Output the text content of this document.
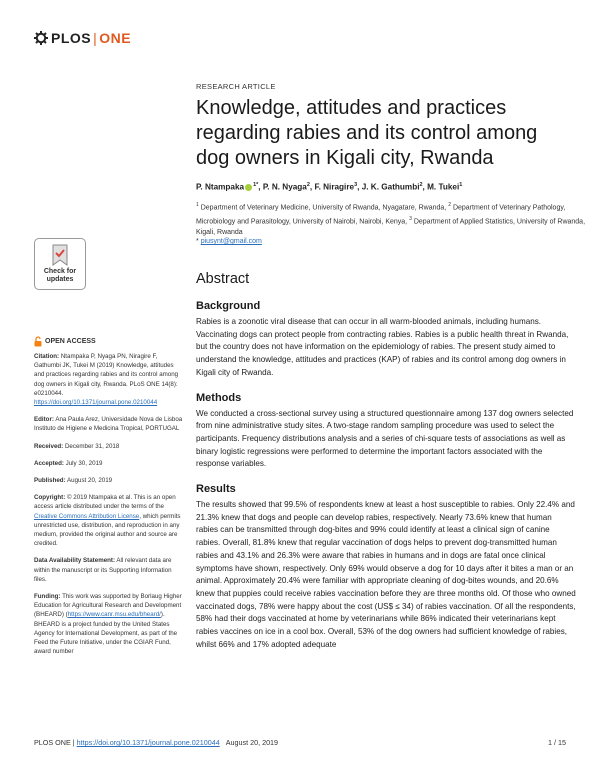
PLOS | ONE
RESEARCH ARTICLE
Knowledge, attitudes and practices regarding rabies and its control among dog owners in Kigali city, Rwanda
P. Ntampaka $^{1*}$, P. N. Nyaga$^2$, F. Niragire$^3$, J. K. Gathumbi$^2$, M. Tukei$^1$
$^1$ Department of Veterinary Medicine, University of Rwanda, Nyagatare, Rwanda, $^2$ Department of Veterinary Pathology, Microbiology and Parasitology, University of Nairobi, Nairobi, Kenya, $^3$ Department of Applied Statistics, University of Rwanda, Kigali, Rwanda
* piusynt@gmail.com
Check for
updates
OPEN ACCESS
Citation: Ntampaka P, Nyaga PN, Niragire F, Gathumbi JK, Tukei M (2019) Knowledge, attitudes and practices regarding rabies and its control among dog owners in Kigali city, Rwanda. PLoS ONE 14(8): e0210044. https://doi.org/10.1371/journal.pone.0210044
Editor: Ana Paula Arez, Universidade Nova de Lisboa Instituto de Higiene e Medicina Tropical, PORTUGAL
Received: December 31, 2018
Accepted: July 30, 2019
Published: August 20, 2019
Copyright: © 2019 Ntampaka et al. This is an open access article distributed under the terms of the Creative Commons Attribution License, which permits unrestricted use, distribution, and reproduction in any medium, provided the original author and source are credited.
Data Availability Statement: All relevant data are within the manuscript or its Supporting Information files.
Funding: This work was supported by Borlaug Higher Education for Agricultural Research and Development (BHEARD) (https://www.canr.msu.edu/bheard/). BHEARD is a project funded by the United States Agency for International Development, as part of the Feed the Future Initiative, under the CGIAR Fund, award number
Abstract
Background

Rabies is a zoonotic viral disease that can occur in all warm-blooded animals, including humans. Vaccinating dogs can protect people from contracting rabies. Rabies is a public health threat in Rwanda, but the country does not have information on the epidemiology of rabies. The present study aimed to understand the knowledge, attitudes and practices (KAP) of rabies and its control among dog owners in Kigali city of Rwanda.

Methods

We conducted a cross-sectional survey using a structured questionnaire among 137 dog owners selected from nine administrative study sites. A two-stage random sampling procedure was used to select the participants. Frequency distributions analysis and a series of chi-square tests of associations as well as binary logistic regressions were performed to determine the important factors associated with the response variables.

Results

The results showed that 99.5% of respondents knew at least a host susceptible to rabies. Only 22.4% and 21.3% knew that dogs and people can develop rabies, respectively. Nearly 73.6% knew that human rabies can be transmitted through dog-bites and 99% could identify at least a clinical sign of canine rabies. Overall, 81.8% knew that regular vaccination of dogs helps to prevent dog-transmitted human rabies and 43.1% and 26.3% were aware that rabies in humans and in dogs are fatal once clinical symptoms have shown, respectively. Only 69% would observe a dog for 10 days after it bites a man or an animal. Approximately 20.4% were familiar with appropriate cleaning of dog-bites wounds, and 20.6% knew that puppies could receive rabies vaccination before they are three months old. Of those who owned vaccinated dogs, 78% were happy about the cost (US$ ≤ 34) of rabies vaccination. Of all the respondents, 58% had their dogs vaccinated at home by veterinarians while 86% indicated their veterinarians kept rabies vaccines on ice in a cool box. Overall, 53% of the dog owners had sufficient knowledge of rabies, whilst 66% and 17% adopted adequate

PLOS ONE | https://doi.org/10.1371/journal.pone.0210044 August 20, 2019	1 / 15
